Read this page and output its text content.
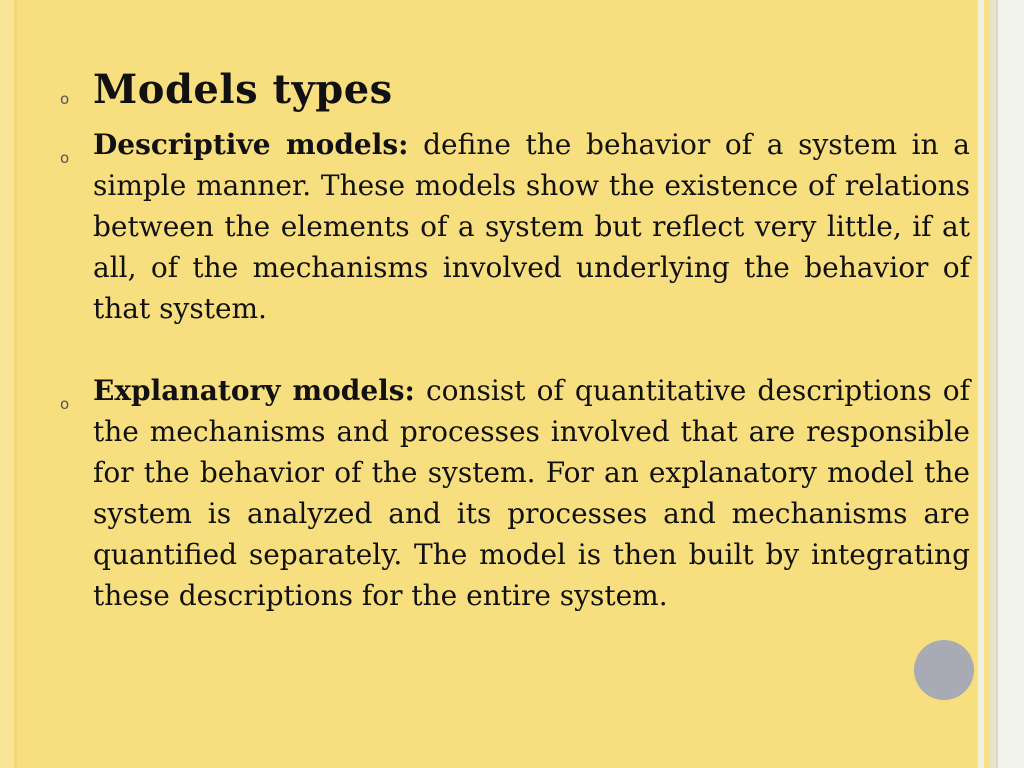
o Models types
o Descriptive models: define the behavior of a system in a simple manner. These models show the existence of relations between the elements of a system but reflect very little, if at all, of the mechanisms involved underlying the behavior of that system.
o Explanatory models: consist of quantitative descriptions of the mechanisms and processes involved that are responsible for the behavior of the system. For an explanatory model the system is analyzed and its processes and mechanisms are quantified separately. The model is then built by integrating these descriptions for the entire system.
